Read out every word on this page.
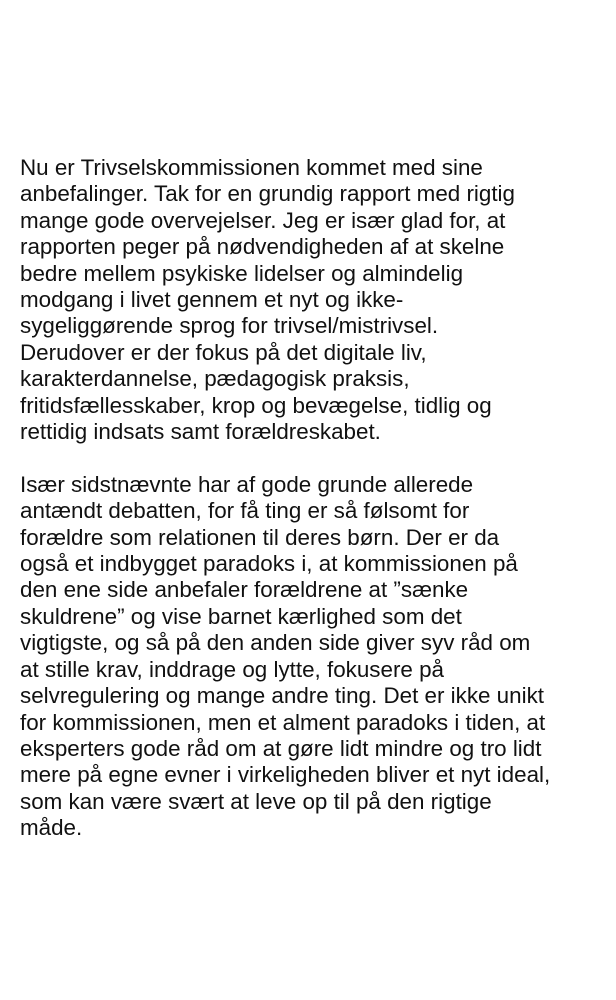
Nu er Trivselskommissionen kommet med sine
anbefalinger. Tak for en grundig rapport med rigtig
mange gode overvejelser. Jeg er især glad for, at
rapporten peger på nødvendigheden af at skelne
bedre mellem psykiske lidelser og almindelig
modgang i livet gennem et nyt og ikke-
sygeliggørende sprog for trivsel/mistrivsel.
Derudover er der fokus på det digitale liv,
karakterdannelse, pædagogisk praksis,
fritidsfællesskaber, krop og bevægelse, tidlig og
rettidig indsats samt forældreskabet.

Især sidstnævnte har af gode grunde allerede
antændt debatten, for få ting er så følsomt for
forældre som relationen til deres børn. Der er da
også et indbygget paradoks i, at kommissionen på
den ene side anbefaler forældrene at ”sænke
skuldrene” og vise barnet kærlighed som det
vigtigste, og så på den anden side giver syv råd om
at stille krav, inddrage og lytte, fokusere på
selvregulering og mange andre ting. Det er ikke unikt
for kommissionen, men et alment paradoks i tiden, at
eksperters gode råd om at gøre lidt mindre og tro lidt
mere på egne evner i virkeligheden bliver et nyt ideal,
som kan være svært at leve op til på den rigtige
måde.
